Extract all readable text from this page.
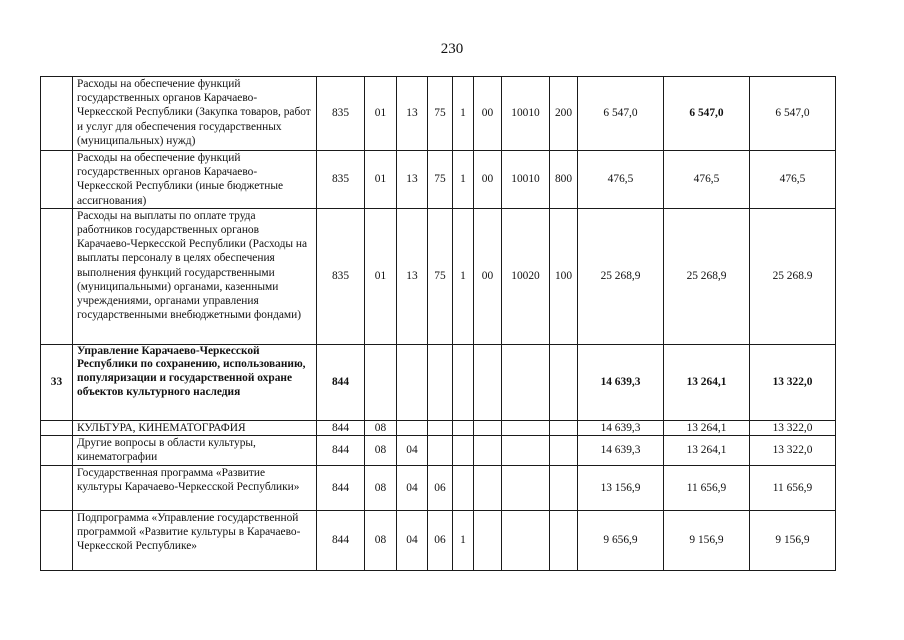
230
	Расходы на обеспечение функций государственных органов Карачаево-Черкесской Республики (Закупка товаров, работ и услуг для обеспечения государственных (муниципальных) нужд)	835	01	13	75	1	00	10010	200	6 547,0	6 547,0	6 547,0
	Расходы на обеспечение функций государственных органов Карачаево-Черкесской Республики (иные бюджетные ассигнования)	835	01	13	75	1	00	10010	800	476,5	476,5	476,5
	Расходы на выплаты по оплате труда работников государственных органов Карачаево-Черкесской Республики (Расходы на выплаты персоналу в целях обеспечения выполнения функций государственными (муниципальными) органами, казенными учреждениями, органами управления государственными внебюджетными фондами)	835	01	13	75	1	00	10020	100	25 268,9	25 268,9	25 268.9
33	Управление Карачаево-Черкесской Республики по сохранению, использованию, популяризации и государственной охране объектов культурного наследия	844								14 639,3	13 264,1	13 322,0
	КУЛЬТУРА, КИНЕМАТОГРАФИЯ	844	08							14 639,3	13 264,1	13 322,0
	Другие вопросы в области культуры, кинематографии	844	08	04						14 639,3	13 264,1	13 322,0
	Государственная программа «Развитие культуры Карачаево-Черкесской Республики»	844	08	04	06					13 156,9	11 656,9	11 656,9
	Подпрограмма «Управление государственной программой «Развитие культуры в Карачаево-Черкесской Республике»	844	08	04	06	1				9 656,9	9 156,9	9 156,9
